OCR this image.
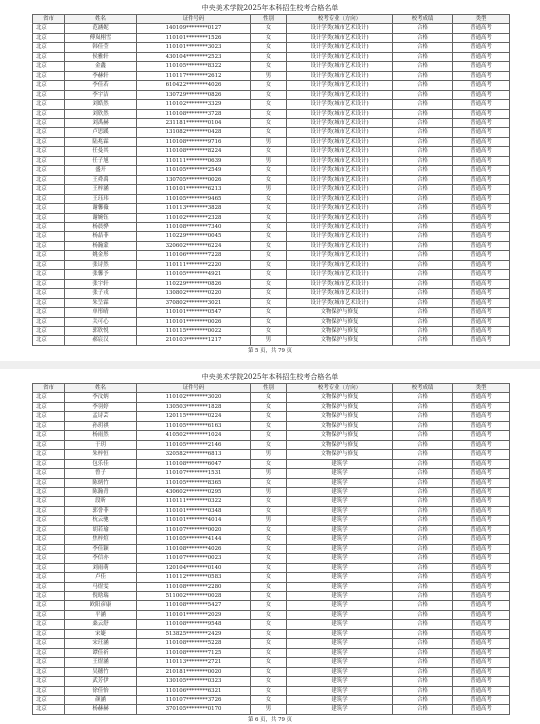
中央美术学院2025年本科招生校考合格名单
省市	姓名	证件号码	性别	校考专业（方向）	校考成绩	类型
北京	范涵妮	140109********0127	女	设计学类(城市艺术设计)	合格	普通高考
北京	傅岚栩雪	110101********1526	女	设计学类(城市艺术设计)	合格	普通高考
北京	韩佳莹	110101********3023	女	设计学类(城市艺术设计)	合格	普通高考
北京	侯雅轩	430104********2523	女	设计学类(城市艺术设计)	合格	普通高考
北京	金鑫	110105********8322	女	设计学类(城市艺术设计)	合格	普通高考
北京	李赫轩	110117********2612	男	设计学类(城市艺术设计)	合格	普通高考
北京	李佳若	610422********4026	女	设计学类(城市艺术设计)	合格	普通高考
北京	李宇洁	130729********0826	女	设计学类(城市艺术设计)	合格	普通高考
北京	刘皓然	110102********3329	女	设计学类(城市艺术设计)	合格	普通高考
北京	刘欣然	110108********3728	女	设计学类(城市艺术设计)	合格	普通高考
北京	刘禹赫	231181********0104	女	设计学类(城市艺术设计)	合格	普通高考
北京	卢思蹊	131082********0428	女	设计学类(城市艺术设计)	合格	普通高考
北京	陆兆霖	110108********9716	男	设计学类(城市艺术设计)	合格	普通高考
北京	任曼其	110108********8224	女	设计学类(城市艺术设计)	合格	普通高考
北京	任子旭	110111********0639	男	设计学类(城市艺术设计)	合格	普通高考
北京	盛开	110105********2549	女	设计学类(城市艺术设计)	合格	普通高考
北京	王舜禹	130705********0026	女	设计学类(城市艺术设计)	合格	普通高考
北京	王梓涵	110101********6213	男	设计学类(城市艺术设计)	合格	普通高考
北京	王珏玮	110105********9465	女	设计学类(城市艺术设计)	合格	普通高考
北京	谢馨薇	110113********3828	女	设计学类(城市艺术设计)	合格	普通高考
北京	谢婉钰	110102********2328	女	设计学类(城市艺术设计)	合格	普通高考
北京	杨晨骅	110108********7340	女	设计学类(城市艺术设计)	合格	普通高考
北京	杨喆菲	110229********0045	女	设计学类(城市艺术设计)	合格	普通高考
北京	杨瀚蒙	320602********6224	女	设计学类(城市艺术设计)	合格	普通高考
北京	姚金彤	110106********7228	女	设计学类(城市艺术设计)	合格	普通高考
北京	张诗然	110111********2220	女	设计学类(城市艺术设计)	合格	普通高考
北京	张馨予	110105********4921	女	设计学类(城市艺术设计)	合格	普通高考
北京	张宇轩	110229********0826	女	设计学类(城市艺术设计)	合格	普通高考
北京	张子戎	130802********0220	女	设计学类(城市艺术设计)	合格	普通高考
北京	朱呈霖	370802********3021	女	设计学类(城市艺术设计)	合格	普通高考
北京	单彤晴	110101********0547	女	文物保护与修复	合格	普通高考
北京	关可心	110101********0026	女	文物保护与修复	合格	普通高考
北京	郭欣悦	110115********0022	女	文物保护与修复	合格	普通高考
北京	郝宸汉	210103********1217	男	文物保护与修复	合格	普通高考
第 5 页，共 79 页
中央美术学院2025年本科招生校考合格名单
省市	姓名	证件号码	性别	校考专业（方向）	校考成绩	类型
北京	李汶炳	110102********3020	女	文物保护与修复	合格	普通高考
北京	李羽婷	130503********1828	女	文物保护与修复	合格	普通高考
北京	孟诗芸	120115********0224	女	文物保护与修复	合格	普通高考
北京	孙玥祺	110105********6163	女	文物保护与修复	合格	普通高考
北京	杨雨然	410502********1024	女	文物保护与修复	合格	普通高考
北京	于玥	110105********2146	女	文物保护与修复	合格	普通高考
北京	朱梓恒	320582********6813	男	文物保护与修复	合格	普通高考
北京	包乐佳	110108********6047	女	建筑学	合格	普通高考
北京	曾子	110107********1531	男	建筑学	合格	普通高考
北京	陈炳竹	110105********8365	女	建筑学	合格	普通高考
北京	陈瀚青	430602********0295	男	建筑学	合格	普通高考
北京	段昕	110111********0322	女	建筑学	合格	普通高考
北京	郭誉菲	110101********0348	女	建筑学	合格	普通高考
北京	杭云驰	110101********4014	男	建筑学	合格	普通高考
北京	胡若瑜	110107********0020	女	建筑学	合格	普通高考
北京	焦梓煊	110105********4144	女	建筑学	合格	普通高考
北京	李佳颖	110108********4026	女	建筑学	合格	普通高考
北京	李信亦	110107********0023	女	建筑学	合格	普通高考
北京	刘雨萌	120104********0140	女	建筑学	合格	普通高考
北京	卢佳	110112********0583	女	建筑学	合格	普通高考
北京	马煜雯	110108********2280	女	建筑学	合格	普通高考
北京	倪晗瑞	511002********0028	女	建筑学	合格	普通高考
北京	欧阳彦康	110108********5427	女	建筑学	合格	普通高考
北京	平涵	110101********2029	女	建筑学	合格	普通高考
北京	桑云舒	110108********9548	女	建筑学	合格	普通高考
北京	宋婕	513825********2429	女	建筑学	合格	普通高考
北京	宋玨涵	110108********5228	女	建筑学	合格	普通高考
北京	谭佳祈	110108********7125	女	建筑学	合格	普通高考
北京	王煜涵	110113********2721	女	建筑学	合格	普通高考
北京	吴穗竹	210181********0020	女	建筑学	合格	普通高考
北京	武芳伊	130105********0323	女	建筑学	合格	普通高考
北京	徐佳怡	110106********6321	女	建筑学	合格	普通高考
北京	颜涵	110107********3726	女	建筑学	合格	普通高考
北京	杨赫赫	370105********0170	男	建筑学	合格	普通高考
第 6 页，共 79 页
